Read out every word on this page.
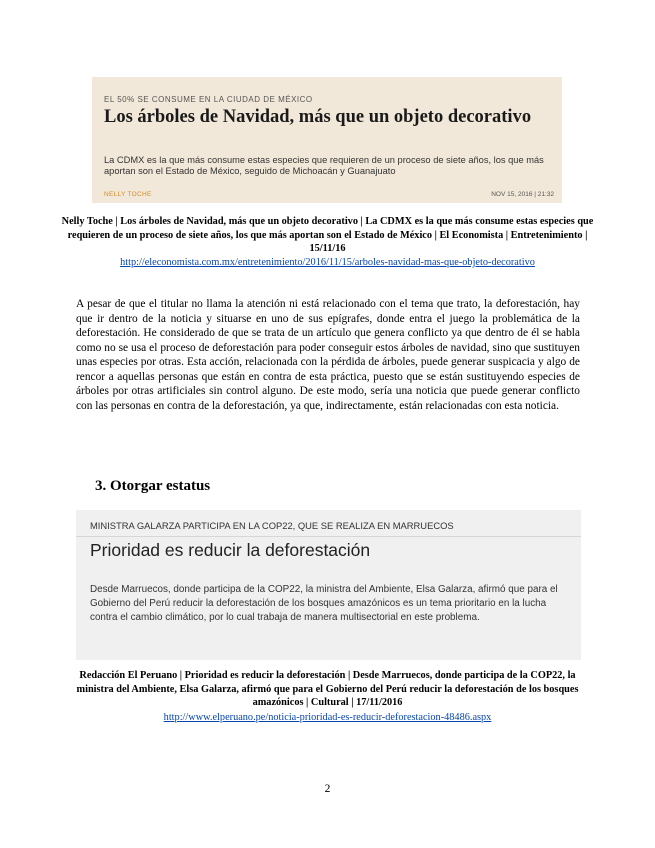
EL 50% SE CONSUME EN LA CIUDAD DE MÉXICO
Los árboles de Navidad, más que un objeto decorativo
La CDMX es la que más consume estas especies que requieren de un proceso de siete años, los que más aportan son el Estado de México, seguido de Michoacán y Guanajuato
NELLY TOCHE	NOV 15, 2016 | 21:32
Nelly Toche | Los árboles de Navidad, más que un objeto decorativo | La CDMX es la que más consume estas especies que requieren de un proceso de siete años, los que más aportan son el Estado de México | El Economista | Entretenimiento | 15/11/16
http://eleconomista.com.mx/entretenimiento/2016/11/15/arboles-navidad-mas-que-objeto-decorativo
A pesar de que el titular no llama la atención ni está relacionado con el tema que trato, la deforestación, hay que ir dentro de la noticia y situarse en uno de sus epígrafes, donde entra el juego la problemática de la deforestación. He considerado de que se trata de un artículo que genera conflicto ya que dentro de él se habla como no se usa el proceso de deforestación para poder conseguir estos árboles de navidad, sino que sustituyen unas especies por otras. Esta acción, relacionada con la pérdida de árboles, puede generar suspicacia y algo de rencor a aquellas personas que están en contra de esta práctica, puesto que se están sustituyendo especies de árboles por otras artificiales sin control alguno. De este modo, sería una noticia que puede generar conflicto con las personas en contra de la deforestación, ya que, indirectamente, están relacionadas con esta noticia.
3. Otorgar estatus
MINISTRA GALARZA PARTICIPA EN LA COP22, QUE SE REALIZA EN MARRUECOS
Prioridad es reducir la deforestación
Desde Marruecos, donde participa de la COP22, la ministra del Ambiente, Elsa Galarza, afirmó que para el Gobierno del Perú reducir la deforestación de los bosques amazónicos es un tema prioritario en la lucha contra el cambio climático, por lo cual trabaja de manera multisectorial en este problema.
Redacción El Peruano | Prioridad es reducir la deforestación | Desde Marruecos, donde participa de la COP22, la ministra del Ambiente, Elsa Galarza, afirmó que para el Gobierno del Perú reducir la deforestación de los bosques amazónicos | Cultural | 17/11/2016
http://www.elperuano.pe/noticia-prioridad-es-reducir-deforestacion-48486.aspx
2
